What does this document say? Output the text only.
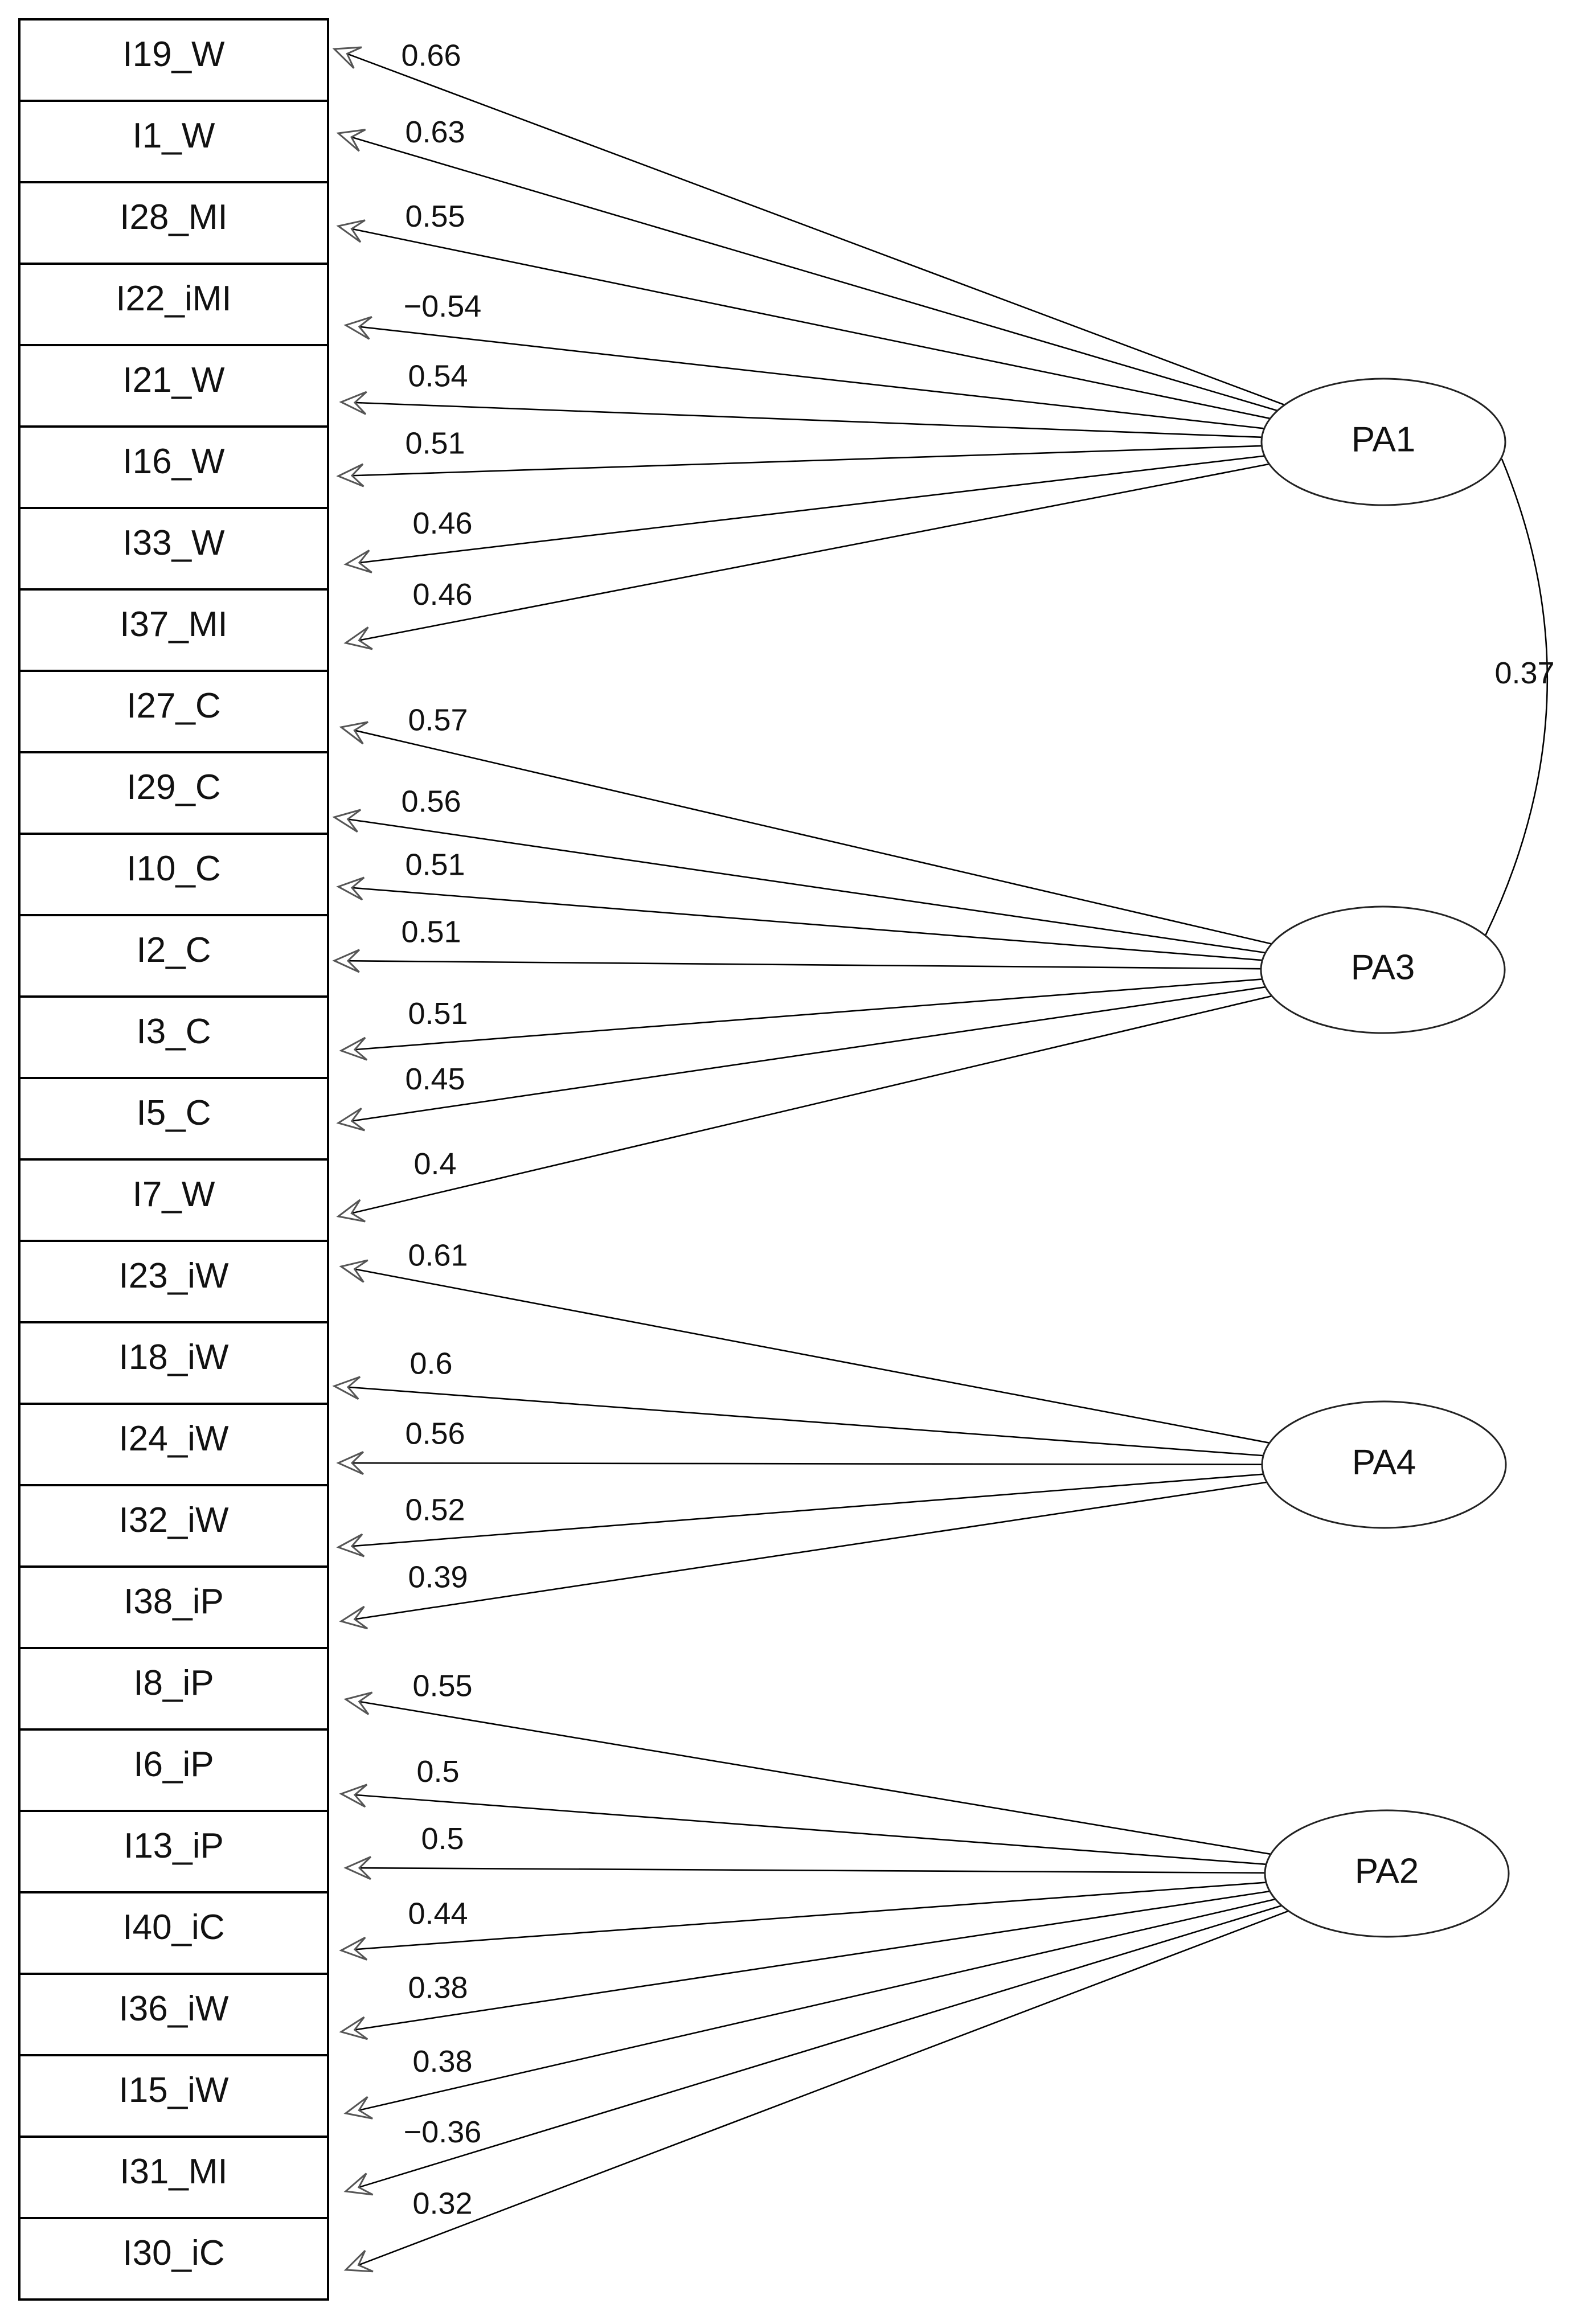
I19_W
I1_W
I28_MI
I22_iMI
I21_W
I16_W
I33_W
I37_MI
I27_C
I29_C
I10_C
I2_C
I3_C
I5_C
I7_W
I23_iW
I18_iW
I24_iW
I32_iW
I38_iP
I8_iP
I6_iP
I13_iP
I40_iC
I36_iW
I15_iW
I31_MI
I30_iC
0.66
0.63
0.55
−0.54
0.54
0.51
0.46
0.46
0.57
0.56
0.51
0.51
0.51
0.45
0.4
0.61
0.6
0.56
0.52
0.39
0.55
0.5
0.5
0.44
0.38
0.38
−0.36
0.32
0.37
PA1
PA3
PA4
PA2
